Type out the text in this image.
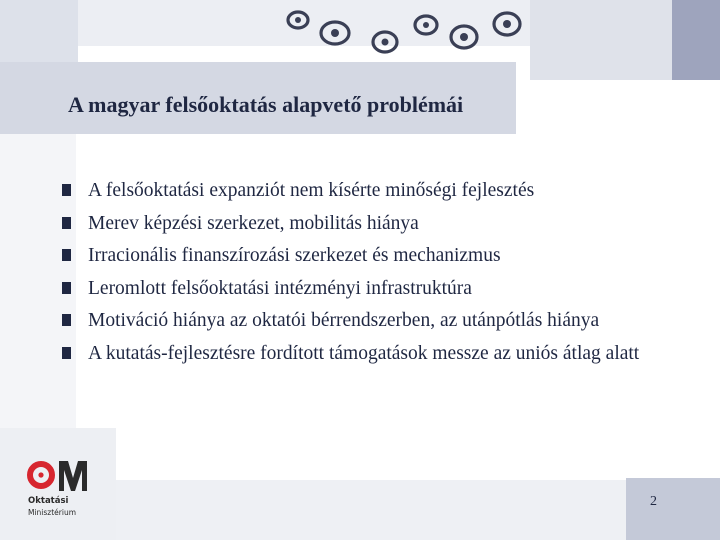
A magyar felsőoktatás alapvető problémái
A felsőoktatási expanziót nem kísérte minőségi fejlesztés
Merev képzési szerkezet, mobilitás hiánya
Irracionális finanszírozási szerkezet és mechanizmus
Leromlott felsőoktatási intézményi infrastruktúra
Motiváció hiánya az oktatói bérrendszerben, az utánpótlás hiánya
A kutatás-fejlesztésre fordított támogatások messze az uniós átlag alatt
Oktatási
Minisztérium
2
